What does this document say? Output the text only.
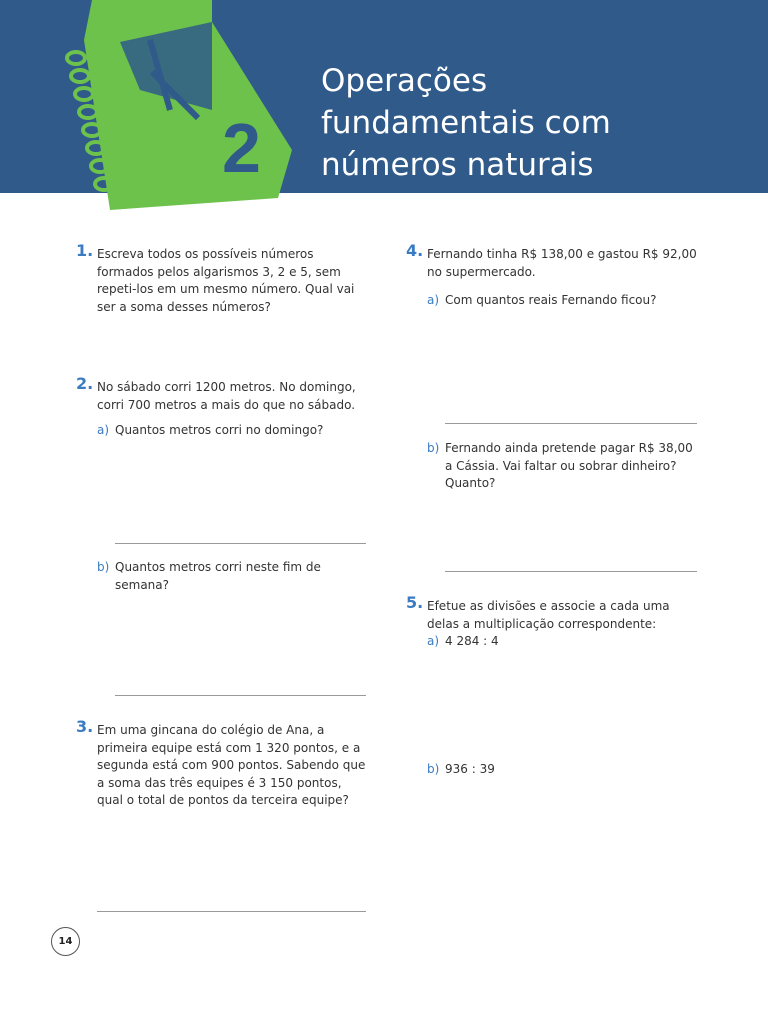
2
Operações
fundamentais com
números naturais
1. Escreva todos os possíveis números formados pelos algarismos 3, 2 e 5, sem repeti-los em um mesmo número. Qual vai ser a soma desses números?
2. No sábado corri 1200 metros. No domingo, corri 700 metros a mais do que no sábado.
a) Quantos metros corri no domingo?
b) Quantos metros corri neste fim de semana?
3. Em uma gincana do colégio de Ana, a primeira equipe está com 1 320 pontos, e a segunda está com 900 pontos. Sabendo que a soma das três equipes é 3 150 pontos, qual o total de pontos da terceira equipe?
4. Fernando tinha R$ 138,00 e gastou R$ 92,00 no supermercado.
a) Com quantos reais Fernando ficou?
b) Fernando ainda pretende pagar R$ 38,00 a Cássia. Vai faltar ou sobrar dinheiro? Quanto?
5. Efetue as divisões e associe a cada uma delas a multiplicação correspondente:
a) 4 284 : 4
b) 936 : 39
14
